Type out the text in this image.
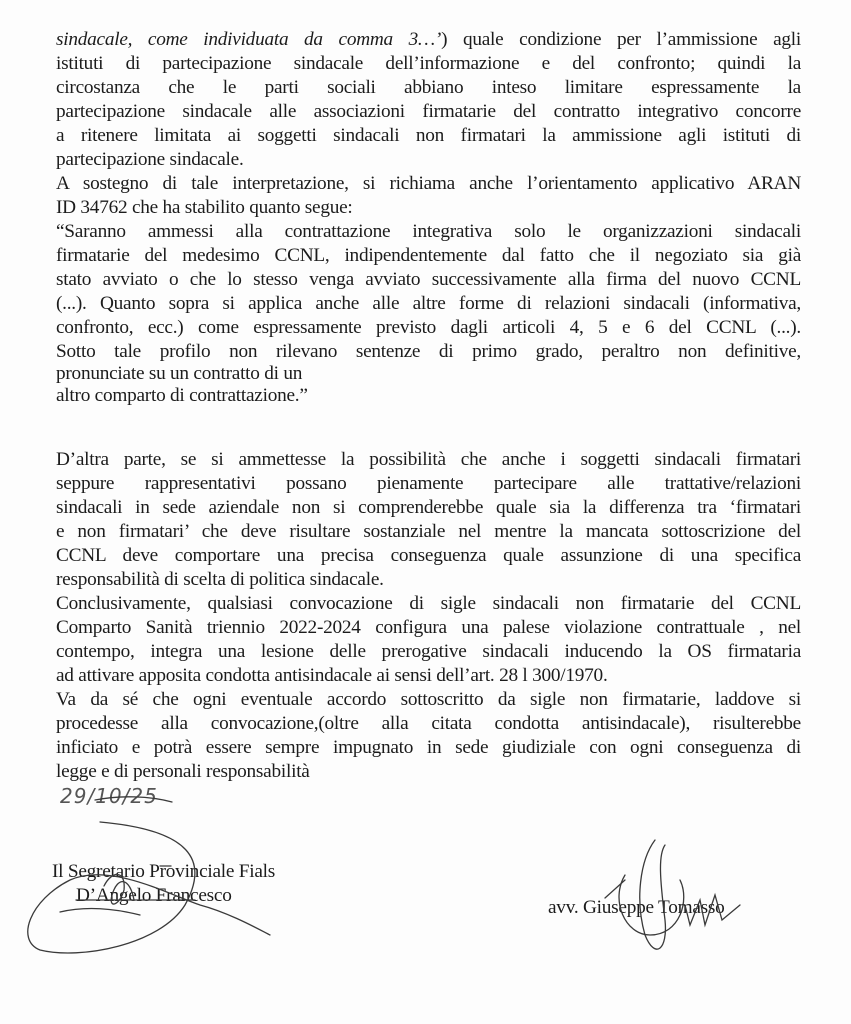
sindacale, come individuata da comma 3…’) quale condizione per l’ammissione agli
istituti di partecipazione sindacale dell’informazione e del confronto; quindi la
circostanza che le parti sociali abbiano inteso limitare espressamente la
partecipazione sindacale alle associazioni firmatarie del contratto integrativo concorre
a ritenere limitata ai soggetti sindacali non firmatari la ammissione agli istituti di
partecipazione sindacale.
A sostegno di tale interpretazione, si richiama anche l’orientamento applicativo ARAN
ID 34762 che ha stabilito quanto segue:
“Saranno ammessi alla contrattazione integrativa solo le organizzazioni sindacali
firmatarie del medesimo CCNL, indipendentemente dal fatto che il negoziato sia già
stato avviato o che lo stesso venga avviato successivamente alla firma del nuovo CCNL
(...). Quanto sopra si applica anche alle altre forme di relazioni sindacali (informativa,
confronto, ecc.) come espressamente previsto dagli articoli 4, 5 e 6 del CCNL (...).
Sotto tale profilo non rilevano sentenze di primo grado, peraltro non definitive,
pronunciate su un contratto di un
altro comparto di contrattazione.”
D’altra parte, se si ammettesse la possibilità che anche i soggetti sindacali firmatari
seppure rappresentativi possano pienamente partecipare alle trattative/relazioni
sindacali in sede aziendale non si comprenderebbe quale sia la differenza tra ‘firmatari
e non firmatari’ che deve risultare sostanziale nel mentre la mancata sottoscrizione del
CCNL deve comportare una precisa conseguenza quale assunzione di una specifica
responsabilità di scelta di politica sindacale.
Conclusivamente, qualsiasi convocazione di sigle sindacali non firmatarie del CCNL
Comparto Sanità triennio 2022-2024 configura una palese violazione contrattuale , nel
contempo, integra una lesione delle prerogative sindacali inducendo la OS firmataria
ad attivare apposita condotta antisindacale ai sensi dell’art. 28 l 300/1970.
Va da sé che ogni eventuale accordo sottoscritto da sigle non firmatarie, laddove si
procedesse alla convocazione,(oltre alla citata condotta antisindacale), risulterebbe
inficiato e potrà essere sempre impugnato in sede giudiziale con ogni conseguenza di
legge e di personali responsabilità
29/10/25
Il Segretario Provinciale Fials
D’Angelo Francesco
avv. Giuseppe Tomasso
